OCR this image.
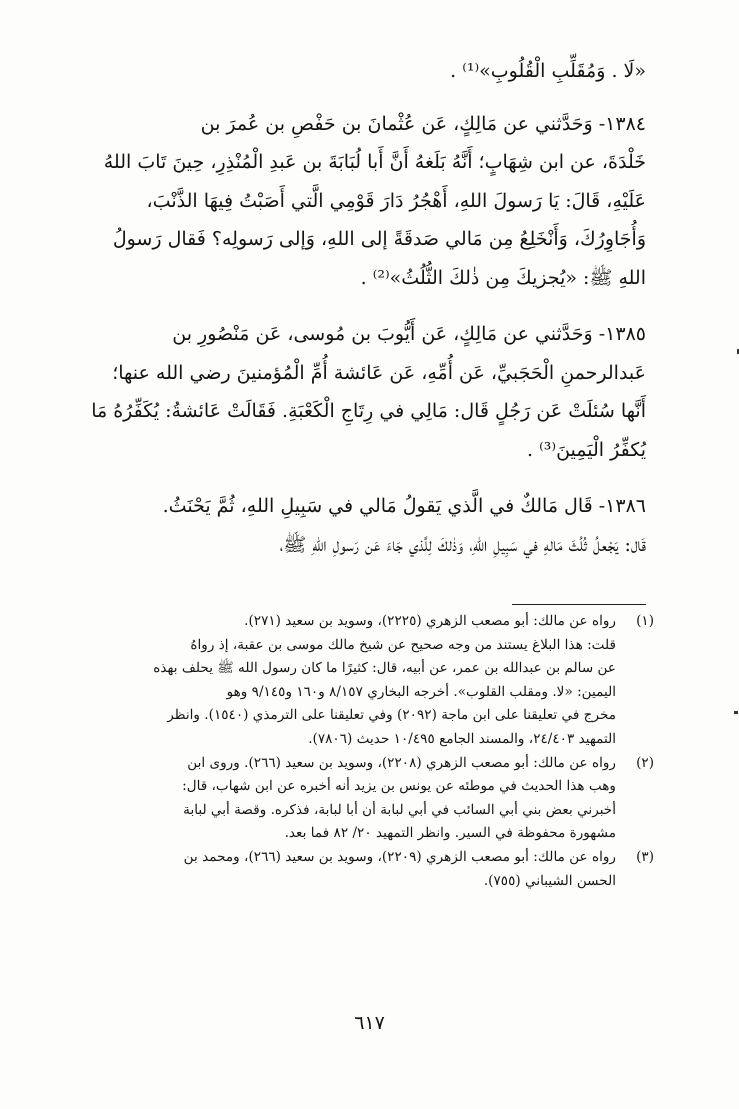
«لَا . وَمُقَلِّبِ الْقُلُوبِ»⁽¹⁾ .

١٣٨٤- وَحَدَّثني عن مَالِكٍ، عَن عُثْمانَ بن حَفْصِ بن عُمرَ بن

خَلْدَةَ، عن ابن شِهَابٍ؛ أَنَّهُ بَلَغهُ أَنَّ أَبا لُبَابَةَ بن عَبدِ الْمُنْذِرِ، حِينَ تَابَ اللهُ

عَلَيْهِ، قَالَ: يَا رَسولَ اللهِ، أَهْجُرُ دَارَ قَوْمِي الَّتي أَصَبْتُ فِيهَا الذَّنْبَ،

وَأُجَاوِرُكَ، وَأَنْخَلِعُ مِن مَالي صَدقَةً إلى اللهِ، وَإلى رَسولِه؟ فَقال رَسولُ

اللهِ ﷺ: «يُجزيكَ مِن ذٰلكَ الثُّلُثُ»⁽²⁾ .

١٣٨٥- وَحَدَّثني عن مَالِكٍ، عَن أَيُّوبَ بن مُوسى، عَن مَنْصُورِ بن

عَبدالرحمنِ الْحَجَبيِّ، عَن أُمِّهِ، عَن عَائشة أُمِّ الْمُؤمنينَ رضي الله عنها؛

أَنَّها سُئلَتْ عَن رَجُلٍ قَال: مَالِي في رِتَاجِ الْكَعْبَةِ. فَقَالَتْ عَائشةُ: يُكَفِّرُهُ مَا

يُكفِّرُ الْيَمِينَ⁽³⁾ .

١٣٨٦- قَال مَالكٌ في الَّذي يَقولُ مَالي في سَبِيلِ اللهِ، ثُمَّ يَحْنَثُ.

قَال: يَجْعلُ ثُلُثَ مَالهِ في سَبِيلِ اللهِ، وَذٰلكَ لِلَّذي جَاءَ عَن رَسولِ اللهِ ﷺ،

(١)

رواه عن مالك: أبو مصعب الزهري (٢٢٢٥)، وسويد بن سعيد (٢٧١).

قلت: هذا البلاغ يستند من وجه صحيح عن شيخ مالك موسى بن عقبة، إذ رواهُ

عن سالم بن عبدالله بن عمر، عن أبيه، قال: كثيرًا ما كان رسول الله ﷺ يحلف بهذه

اليمين: «لا. ومقلب القلوب». أخرجه البخاري ٨/١٥٧ و١٦٠ و٩/١٤٥ وهو

مخرج في تعليقنا على ابن ماجة (٢٠٩٢) وفي تعليقنا على الترمذي (١٥٤٠). وانظر

التمهيد ٢٤/٤٠٣، والمسند الجامع ١٠/٤٩٥ حديث (٧٨٠٦).

(٢)

رواه عن مالك: أبو مصعب الزهري (٢٢٠٨)، وسويد بن سعيد (٢٦٦). وروى ابن

وهب هذا الحديث في موطئه عن يونس بن يزيد أنه أخبره عن ابن شهاب، قال:

أخبرني بعض بني أبي السائب في أبي لبابة أن أبا لبابة، فذكره. وقصة أبي لبابة

مشهورة محفوظة في السير. وانظر التمهيد ٢٠/ ٨٢ فما بعد.

(٣)

رواه عن مالك: أبو مصعب الزهري (٢٢٠٩)، وسويد بن سعيد (٢٦٦)، ومحمد بن

الحسن الشيباني (٧٥٥).

٦١٧
